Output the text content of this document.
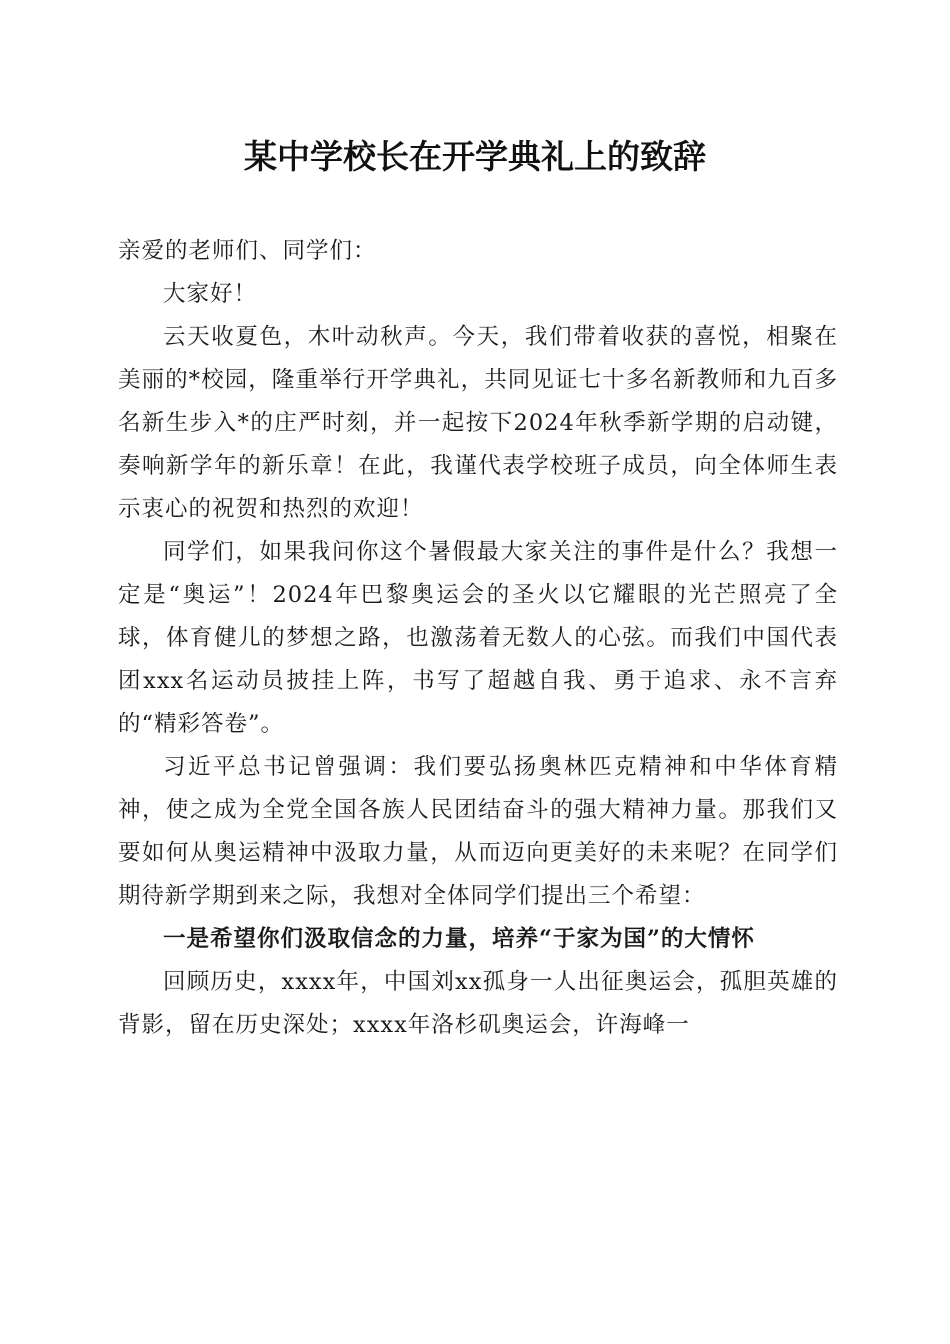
某中学校长在开学典礼上的致辞

亲爱的老师们、同学们：

大家好！

云天收夏色，木叶动秋声。今天，我们带着收获的喜悦，相聚在美丽的*校园，隆重举行开学典礼，共同见证七十多名新教师和九百多名新生步入*的庄严时刻，并一起按下2024年秋季新学期的启动键，奏响新学年的新乐章！在此，我谨代表学校班子成员，向全体师生表示衷心的祝贺和热烈的欢迎！

同学们，如果我问你这个暑假最大家关注的事件是什么？我想一定是“奥运”！2024年巴黎奥运会的圣火以它耀眼的光芒照亮了全球，体育健儿的梦想之路，也激荡着无数人的心弦。而我们中国代表团xxx名运动员披挂上阵，书写了超越自我、勇于追求、永不言弃的“精彩答卷”。

习近平总书记曾强调：我们要弘扬奥林匹克精神和中华体育精神，使之成为全党全国各族人民团结奋斗的强大精神力量。那我们又要如何从奥运精神中汲取力量，从而迈向更美好的未来呢？在同学们期待新学期到来之际，我想对全体同学们提出三个希望：

一是希望你们汲取信念的力量，培养“于家为国”的大情怀

回顾历史，xxxx年，中国刘xx孤身一人出征奥运会，孤胆英雄的背影，留在历史深处；xxxx年洛杉矶奥运会，许海峰一
